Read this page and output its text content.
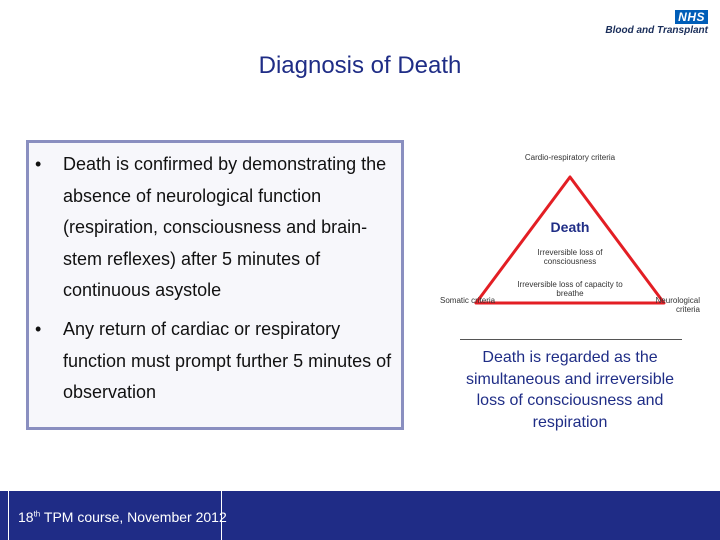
NHS
Blood and Transplant
Diagnosis of Death
•	Death is confirmed by demonstrating the absence of neurological function (respiration, consciousness and brain-stem reflexes) after 5 minutes of continuous asystole
•	Any return of cardiac or respiratory function must prompt further 5 minutes of observation
Cardio-respiratory criteria
Death
Irreversible loss of consciousness
Irreversible loss of capacity to breathe
Somatic criteria	Neurological criteria
Death is regarded as the simultaneous and irreversible loss of consciousness and respiration
18th TPM course, November 2012
